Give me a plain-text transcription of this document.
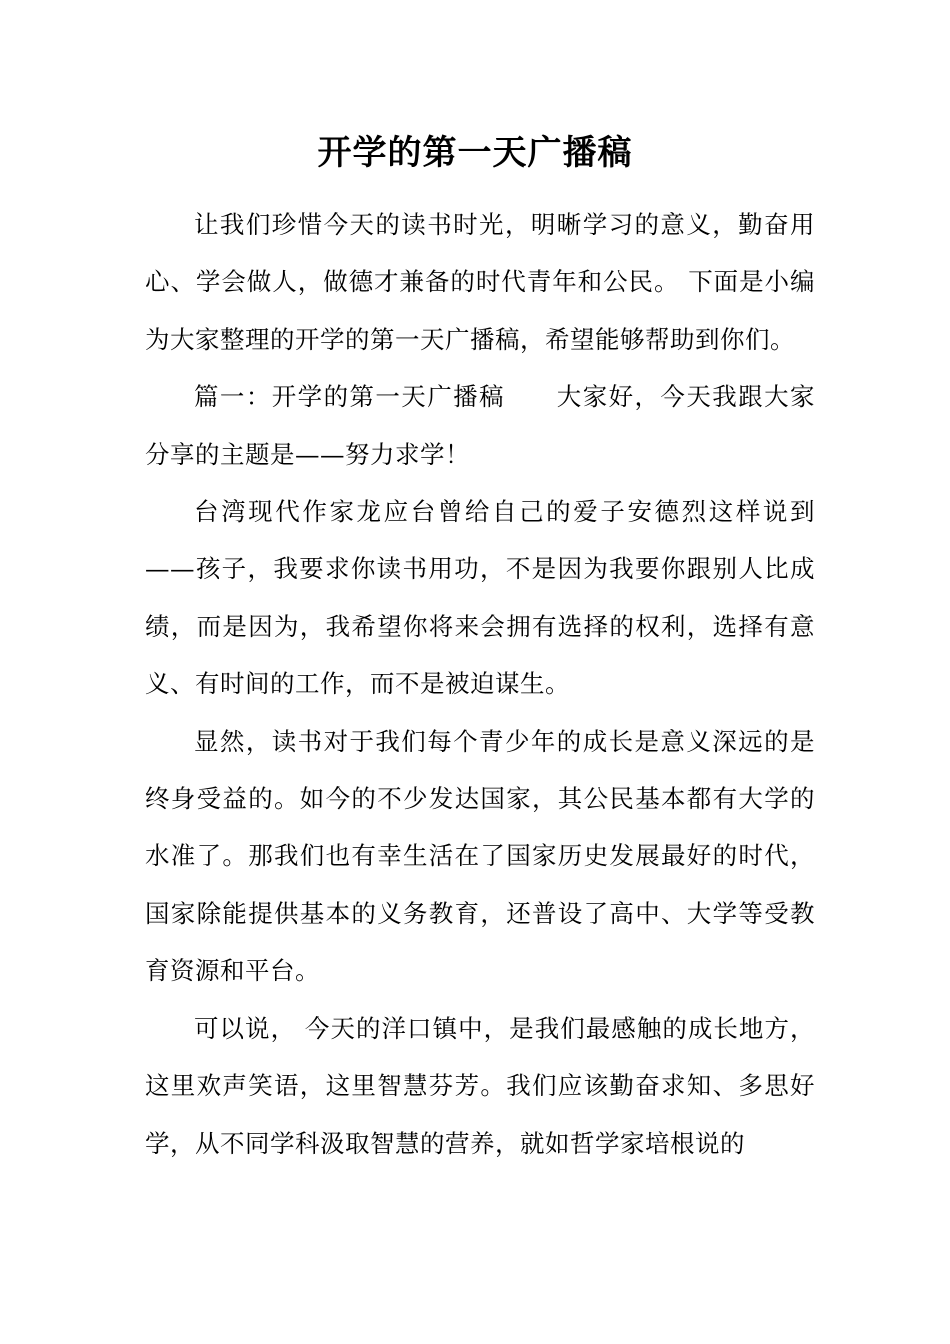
开学的第一天广播稿

让我们珍惜今天的读书时光，明晰学习的意义，勤奋用心、学会做人，做德才兼备的时代青年和公民。 下面是小编为大家整理的开学的第一天广播稿，希望能够帮助到你们。

篇一：开学的第一天广播稿　　大家好，今天我跟大家分享的主题是——努力求学！

台湾现代作家龙应台曾给自己的爱子安德烈这样说到——孩子，我要求你读书用功，不是因为我要你跟别人比成绩，而是因为，我希望你将来会拥有选择的权利，选择有意义、有时间的工作，而不是被迫谋生。

显然，读书对于我们每个青少年的成长是意义深远的是终身受益的。如今的不少发达国家，其公民基本都有大学的水准了。那我们也有幸生活在了国家历史发展最好的时代，国家除能提供基本的义务教育，还普设了高中、大学等受教育资源和平台。

可以说， 今天的洋口镇中，是我们最感触的成长地方，这里欢声笑语，这里智慧芬芳。我们应该勤奋求知、多思好学，从不同学科汲取智慧的营养，就如哲学家培根说的
